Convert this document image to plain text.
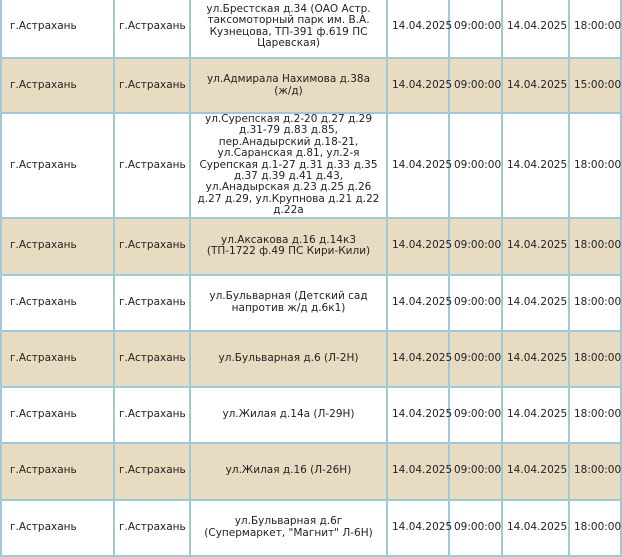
г.Астрахань	г.Астрахань	ул.Брестская д.34 (ОАО Астр. таксомоторный парк им. В.А. Кузнецова, ТП-391 ф.619 ПС Царевская)	14.04.2025	09:00:00	14.04.2025	18:00:00
г.Астрахань	г.Астрахань	ул.Адмирала Нахимова д.38а (ж/д)	14.04.2025	09:00:00	14.04.2025	15:00:00
г.Астрахань	г.Астрахань	ул.Сурепская д.2-20 д.27 д.29 д.31-79 д.83 д.85, пер.Анадырский д.18-21, ул.Саранская д.81, ул.2-я Сурепская д.1-27 д.31 д.33 д.35 д.37 д.39 д.41 д.43, ул.Анадырская д.23 д.25 д.26 д.27 д.29, ул.Крупнова д.21 д.22 д.22а	14.04.2025	09:00:00	14.04.2025	18:00:00
г.Астрахань	г.Астрахань	ул.Аксакова д.16 д.14к3 (ТП-1722 ф.49 ПС Кири-Кили)	14.04.2025	09:00:00	14.04.2025	18:00:00
г.Астрахань	г.Астрахань	ул.Бульварная (Детский сад напротив ж/д д.6к1)	14.04.2025	09:00:00	14.04.2025	18:00:00
г.Астрахань	г.Астрахань	ул.Бульварная д.6 (Л-2Н)	14.04.2025	09:00:00	14.04.2025	18:00:00
г.Астрахань	г.Астрахань	ул.Жилая д.14а (Л-29Н)	14.04.2025	09:00:00	14.04.2025	18:00:00
г.Астрахань	г.Астрахань	ул.Жилая д.16 (Л-26Н)	14.04.2025	09:00:00	14.04.2025	18:00:00
г.Астрахань	г.Астрахань	ул.Бульварная д.6г (Супермаркет, "Магнит" Л-6Н)	14.04.2025	09:00:00	14.04.2025	18:00:00
